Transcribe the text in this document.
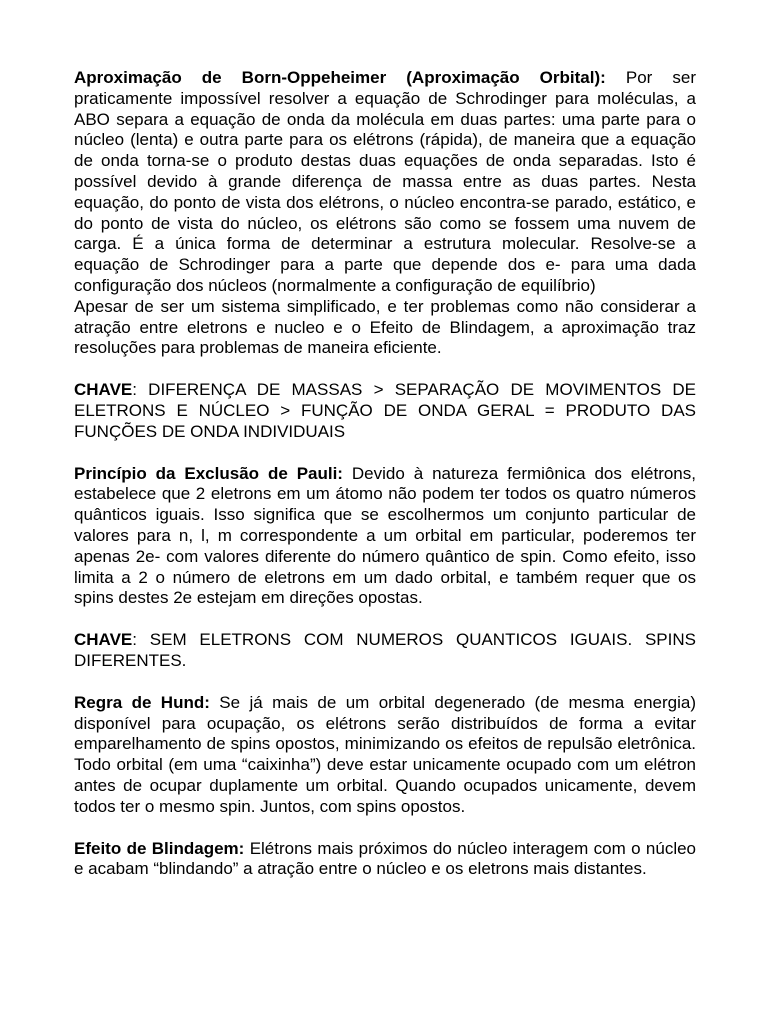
Aproximação de Born-Oppeheimer (Aproximação Orbital): Por ser praticamente impossível resolver a equação de Schrodinger para moléculas, a ABO separa a equação de onda da molécula em duas partes: uma parte para o núcleo (lenta) e outra parte para os elétrons (rápida), de maneira que a equação de onda torna-se o produto destas duas equações de onda separadas. Isto é possível devido à grande diferença de massa entre as duas partes. Nesta equação, do ponto de vista dos elétrons, o núcleo encontra-se parado, estático, e do ponto de vista do núcleo, os elétrons são como se fossem uma nuvem de carga. É a única forma de determinar a estrutura molecular. Resolve-se a equação de Schrodinger para a parte que depende dos e- para uma dada configuração dos núcleos (normalmente a configuração de equilíbrio)

Apesar de ser um sistema simplificado, e ter problemas como não considerar a atração entre eletrons e nucleo e o Efeito de Blindagem, a aproximação traz resoluções para problemas de maneira eficiente.

CHAVE: DIFERENÇA DE MASSAS > SEPARAÇÃO DE MOVIMENTOS DE ELETRONS E NÚCLEO > FUNÇÃO DE ONDA GERAL = PRODUTO DAS FUNÇÕES DE ONDA INDIVIDUAIS

Princípio da Exclusão de Pauli: Devido à natureza fermiônica dos elétrons, estabelece que 2 eletrons em um átomo não podem ter todos os quatro números quânticos iguais. Isso significa que se escolhermos um conjunto particular de valores para n, l, m correspondente a um orbital em particular, poderemos ter apenas 2e- com valores diferente do número quântico de spin. Como efeito, isso limita a 2 o número de eletrons em um dado orbital, e também requer que os spins destes 2e estejam em direções opostas.

CHAVE: SEM ELETRONS COM NUMEROS QUANTICOS IGUAIS. SPINS DIFERENTES.

Regra de Hund: Se já mais de um orbital degenerado (de mesma energia) disponível para ocupação, os elétrons serão distribuídos de forma a evitar emparelhamento de spins opostos, minimizando os efeitos de repulsão eletrônica. Todo orbital (em uma “caixinha”) deve estar unicamente ocupado com um elétron antes de ocupar duplamente um orbital. Quando ocupados unicamente, devem todos ter o mesmo spin. Juntos, com spins opostos.

Efeito de Blindagem: Elétrons mais próximos do núcleo interagem com o núcleo e acabam “blindando” a atração entre o núcleo e os eletrons mais distantes.
